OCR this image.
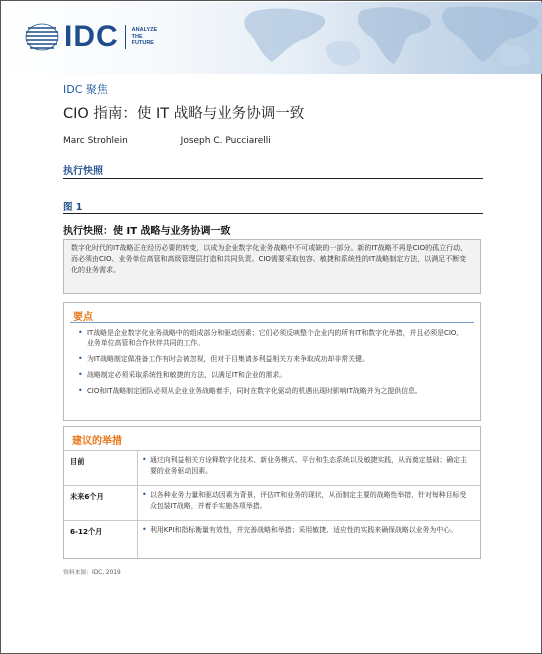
IDC ANALYZE
THE
FUTURE
IDC 聚焦
CIO 指南：使 IT 战略与业务协调一致
Marc Strohlein	Joseph C. Pucciarelli
执行快照
图 1
执行快照：使 IT 战略与业务协调一致
数字化时代的IT战略正在经历必要的转变，以成为企业数字化业务战略中不可或缺的一部分。新的IT战略不再是CIO的孤立行动，而必须由CIO、业务单位高管和高级管理层打造和共同负责。CIO需要采取包容、敏捷和系统性的IT战略制定方法，以满足不断变化的业务需求。
要点
• IT战略是企业数字化业务战略中的组成部分和驱动因素；它们必须反映整个企业内的所有IT和数字化举措，并且必须是CIO、业务单位高管和合作伙伴共同的工作。
• 为IT战略制定做准备工作有时会被忽视，但对于目集请多利益相关方来争取成功却非常关键。
• 战略制定必须采取系统性和敏捷的方法，以满足IT和企业的需求。
• CIO和IT战略制定团队必须从企业业务战略着手，同时在数字化驱动的机遇出现时影响IT战略并为之提供信息。
建议的举措
目前	• 通过向利益相关方诠释数字化技术、新业务模式、平台和生态系统以及敏捷实践，从而奠定基础；确定主要的业务驱动因素。
未来6个月	• 以各种业务力量和驱动因素为背景，评估IT和业务的现状，从而制定主要的战略性举措，针对每种目标受众包装IT战略，并着手实施各项举措。
6-12个月	• 利用KPI和指标衡量有效性，并完善战略和举措；采用敏捷、适应性的实践来确保战略以业务为中心。
资料来源：IDC, 2019
